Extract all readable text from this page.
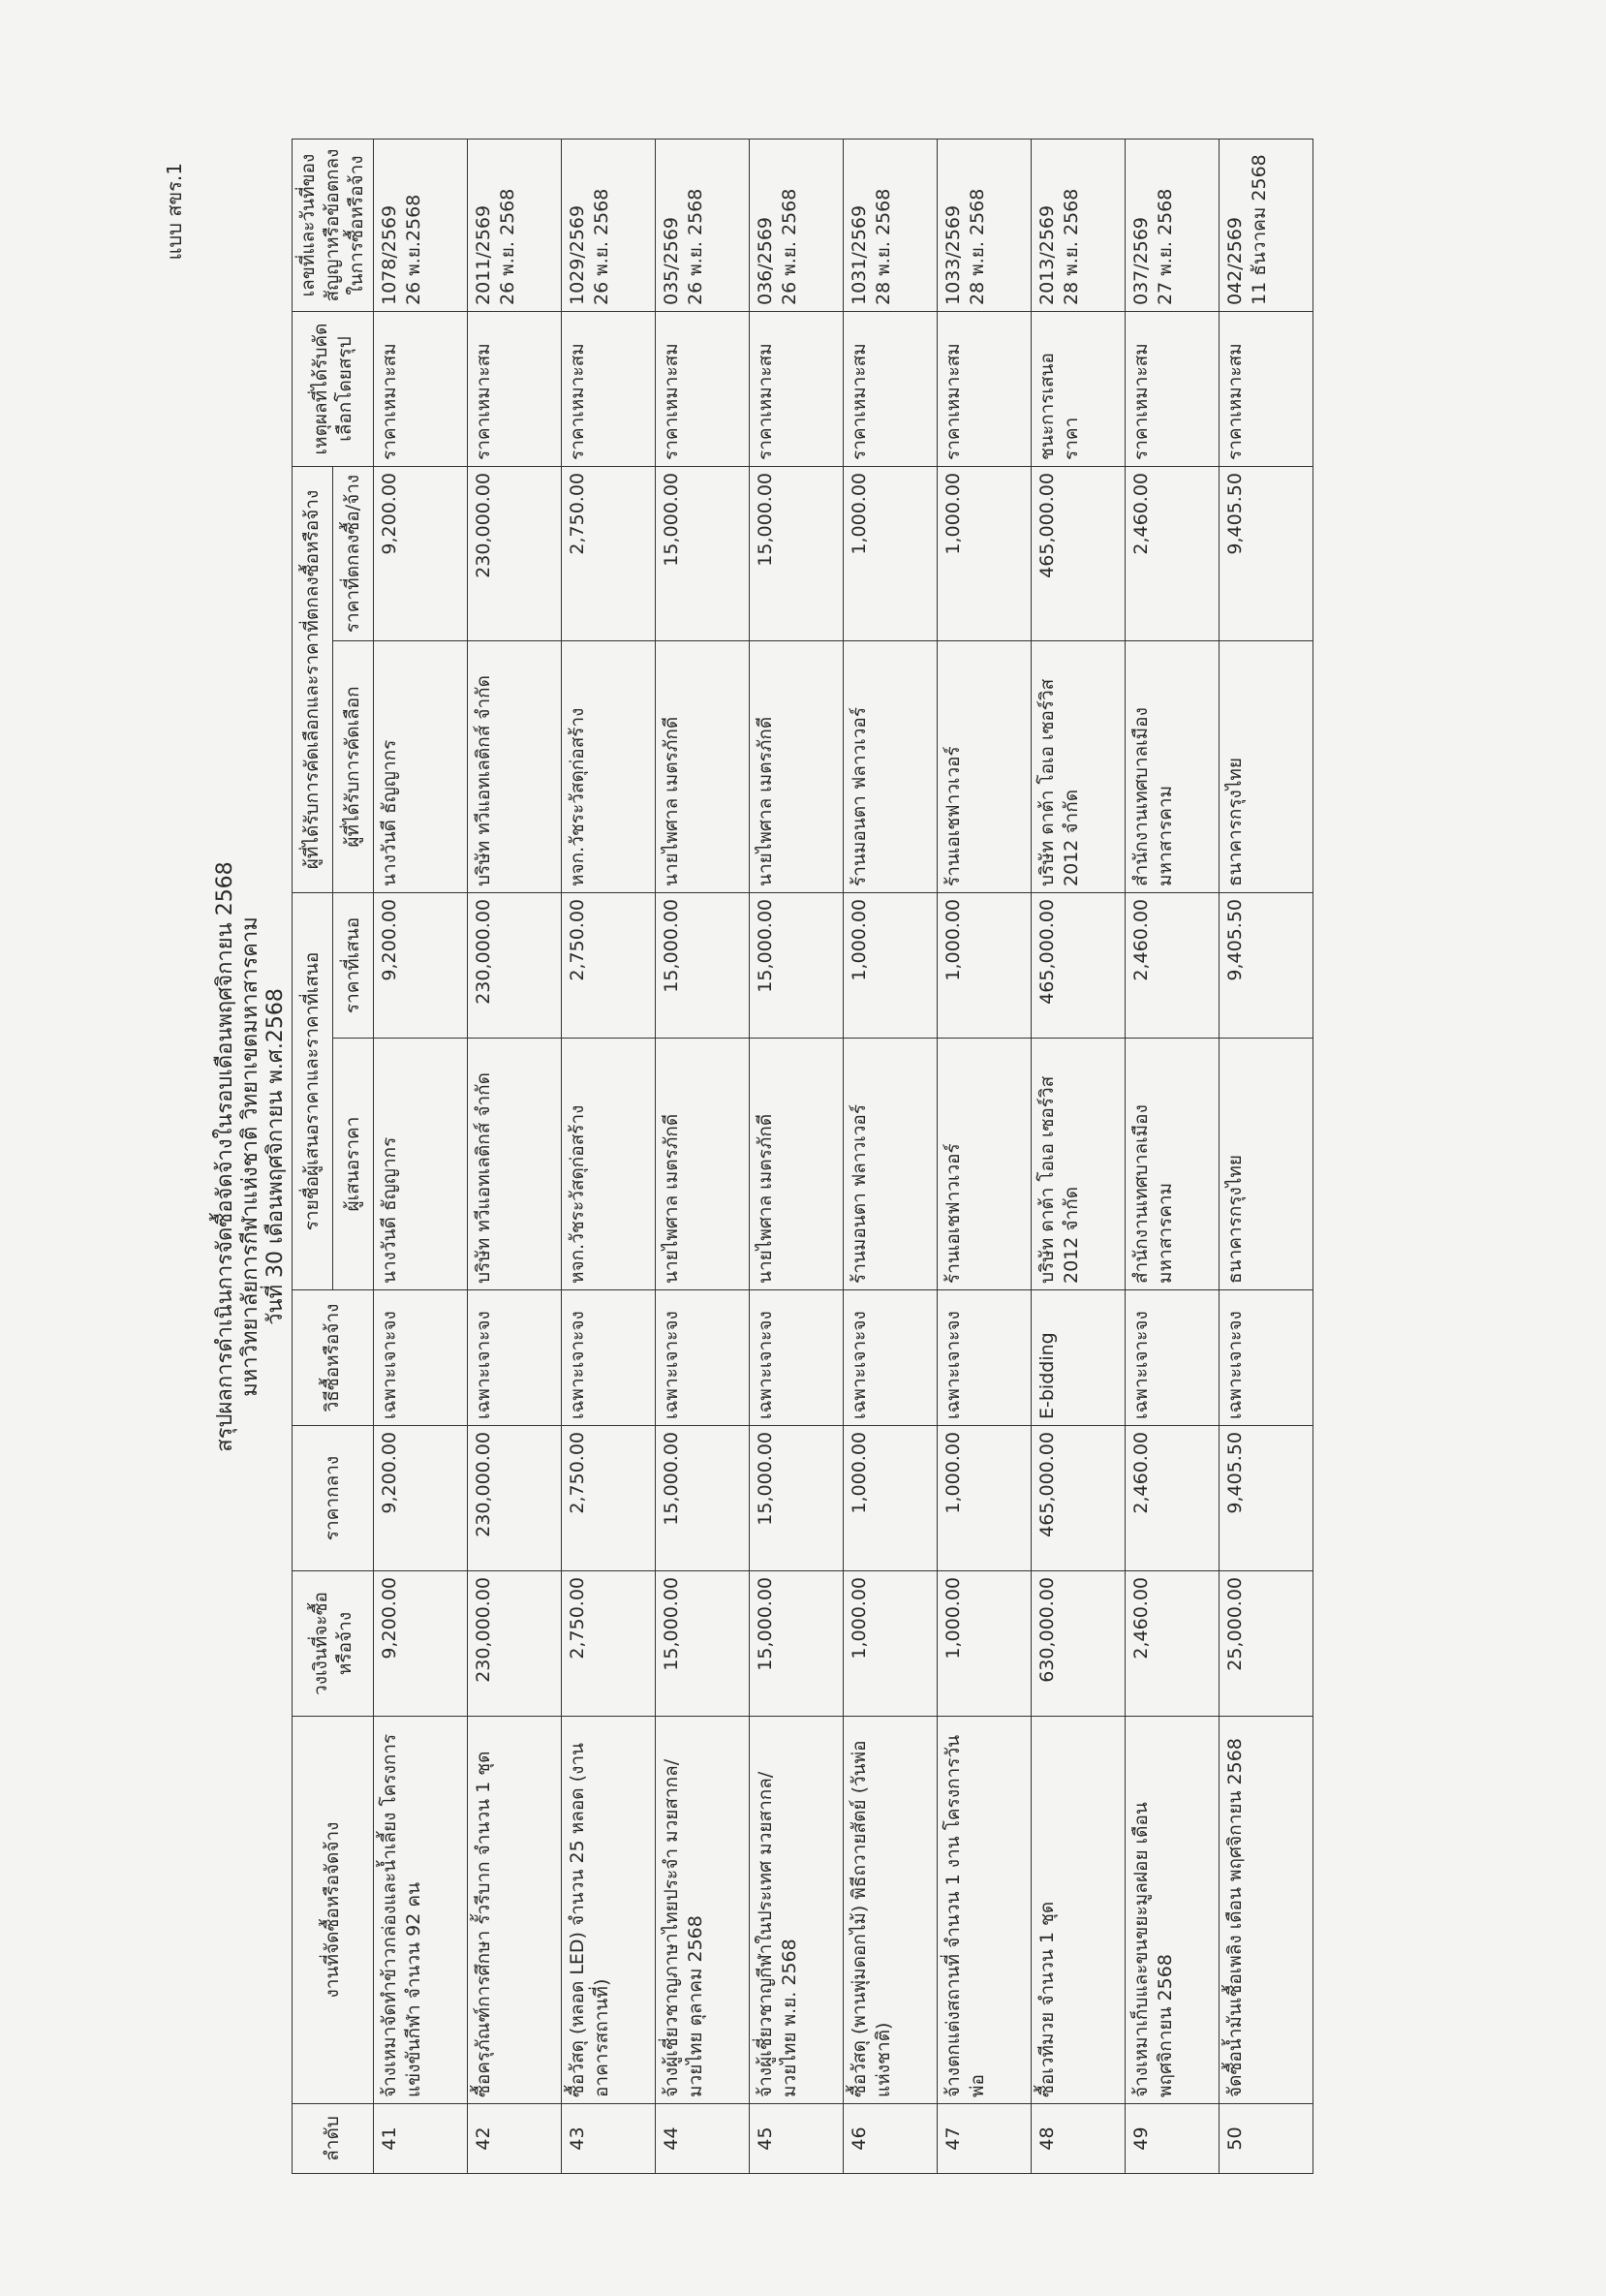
แบบ สขร.1
สรุปผลการดำเนินการจัดซื้อจัดจ้างในรอบเดือนพฤศจิกายน 2568 มหาวิทยาลัยการกีฬาแห่งชาติ วิทยาเขตมหาสารคาม วันที่ 30 เดือนพฤศจิกายน พ.ศ.2568
ลำดับ	งานที่จัดซื้อหรือจัดจ้าง	วงเงินที่จะซื้อหรือจ้าง	ราคากลาง	วิธีซื้อหรือจ้าง	รายชื่อผู้เสนอราคาและราคาที่เสนอ		ผู้ที่ได้รับการคัดเลือกและราคาที่ตกลงซื้อหรือจ้าง		เหตุผลที่ได้รับคัดเลือกโดยสรุป	เลขที่และวันที่ของสัญญาหรือข้อตกลงในการซื้อหรือจ้าง
					ผู้เสนอราคา	ราคาที่เสนอ	ผู้ที่ได้รับการคัดเลือก	ราคาที่ตกลงซื้อ/จ้าง		
41	จ้างเหมาจัดทำข้าวกล่องและน้ำเลี้ยง โครงการแข่งขันกีฬา จำนวน 92 คน	9,200.00	9,200.00	เฉพาะเจาะจง	นางวันดี ธัญญากร	9,200.00	นางวันดี ธัญญากร	9,200.00	ราคาเหมาะสม	1078/2569 26 พ.ย.2568

42	ซื้อครุภัณฑ์การศึกษา รั้วรีบาก จำนวน 1 ชุด	230,000.00	230,000.00	เฉพาะเจาะจง	บริษัท ทวีแอทเลติกส์ จำกัด	230,000.00	บริษัท ทวีแอทเลติกส์ จำกัด	230,000.00	ราคาเหมาะสม	2011/2569 26 พ.ย. 2568

43	ซื้อวัสดุ (หลอด LED) จำนวน 25 หลอด (งานอาคารสถานที่)	2,750.00	2,750.00	เฉพาะเจาะจง	หจก.วัชระวัสดุก่อสร้าง	2,750.00	หจก.วัชระวัสดุก่อสร้าง	2,750.00	ราคาเหมาะสม	1029/2569 26 พ.ย. 2568

44	จ้างผู้เชี่ยวชาญภาษาไทยประจำ มวยสากล/มวยไทย ตุลาคม 2568	15,000.00	15,000.00	เฉพาะเจาะจง	นายไพศาล เมตรภักดี	15,000.00	นายไพศาล เมตรภักดี	15,000.00	ราคาเหมาะสม	035/2569 26 พ.ย. 2568

45	จ้างผู้เชี่ยวชาญกีฬาในประเทศ มวยสากล/มวยไทย พ.ย. 2568	15,000.00	15,000.00	เฉพาะเจาะจง	นายไพศาล เมตรภักดี	15,000.00	นายไพศาล เมตรภักดี	15,000.00	ราคาเหมาะสม	036/2569 26 พ.ย. 2568

46	ซื้อวัสดุ (พานพุ่มดอกไม้) พิธีถวายสัตย์ (วันพ่อแห่งชาติ)	1,000.00	1,000.00	เฉพาะเจาะจง	ร้านมอนตา ฟลาวเวอร์	1,000.00	ร้านมอนตา ฟลาวเวอร์	1,000.00	ราคาเหมาะสม	1031/2569 28 พ.ย. 2568

47	จ้างตกแต่งสถานที่ จำนวน 1 งาน โครงการวันพ่อ	1,000.00	1,000.00	เฉพาะเจาะจง	ร้านเอเชฟาวเวอร์	1,000.00	ร้านเอเชฟาวเวอร์	1,000.00	ราคาเหมาะสม	1033/2569 28 พ.ย. 2568

48	ซื้อเวทีมวย จำนวน 1 ชุด	630,000.00	465,000.00	E-bidding	บริษัท ดาต้า โอเอ เซอร์วิส 2012 จำกัด	465,000.00	บริษัท ดาต้า โอเอ เซอร์วิส 2012 จำกัด	465,000.00	ชนะการเสนอราคา	2013/2569 28 พ.ย. 2568

49	จ้างเหมาเก็บและขนขยะมูลฝอย เดือนพฤศจิกายน 2568	2,460.00	2,460.00	เฉพาะเจาะจง	สำนักงานเทศบาลเมืองมหาสารคาม	2,460.00	สำนักงานเทศบาลเมืองมหาสารคาม	2,460.00	ราคาเหมาะสม	037/2569 27 พ.ย. 2568

50	จัดซื้อน้ำมันเชื้อเพลิง เดือน พฤศจิกายน 2568	25,000.00	9,405.50	เฉพาะเจาะจง	ธนาคารกรุงไทย	9,405.50	ธนาคารกรุงไทย	9,405.50	ราคาเหมาะสม	042/2569 11 ธันวาคม 2568
